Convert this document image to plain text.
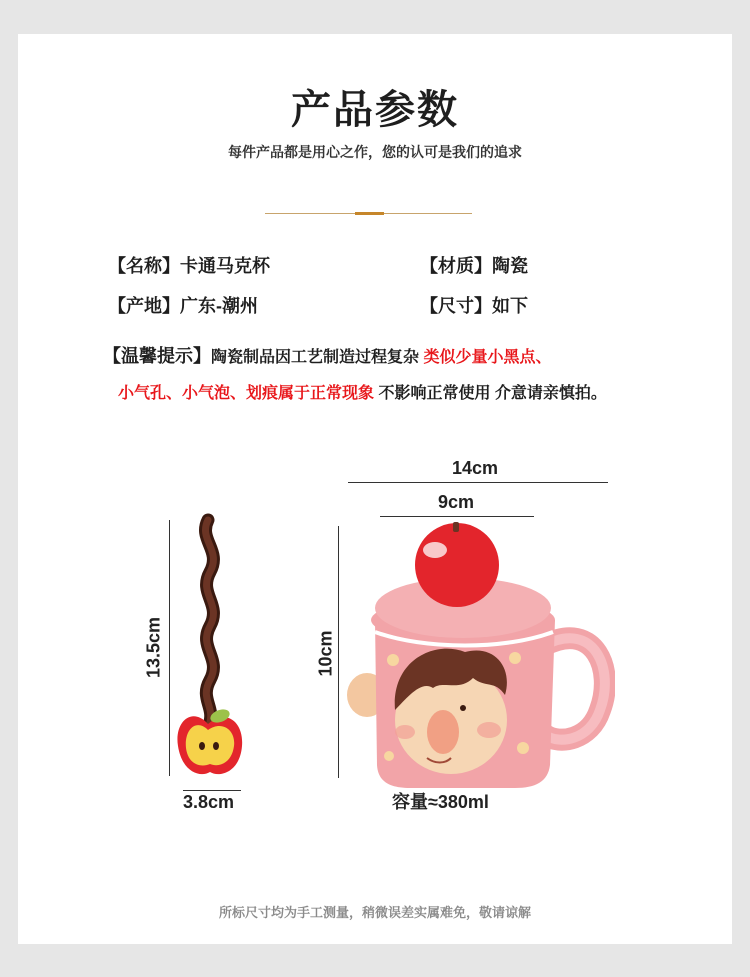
产品参数
每件产品都是用心之作，您的认可是我们的追求
【名称】卡通马克杯	【材质】陶瓷
【产地】广东-潮州	【尺寸】如下
【温馨提示】陶瓷制品因工艺制造过程复杂 类似少量小黑点、
小气孔、小气泡、划痕属于正常现象 不影响正常使用 介意请亲慎拍。
13.5cm
3.8cm
14cm
9cm
10cm
容量≈380ml
所标尺寸均为手工测量，稍微误差实属难免，敬请谅解
